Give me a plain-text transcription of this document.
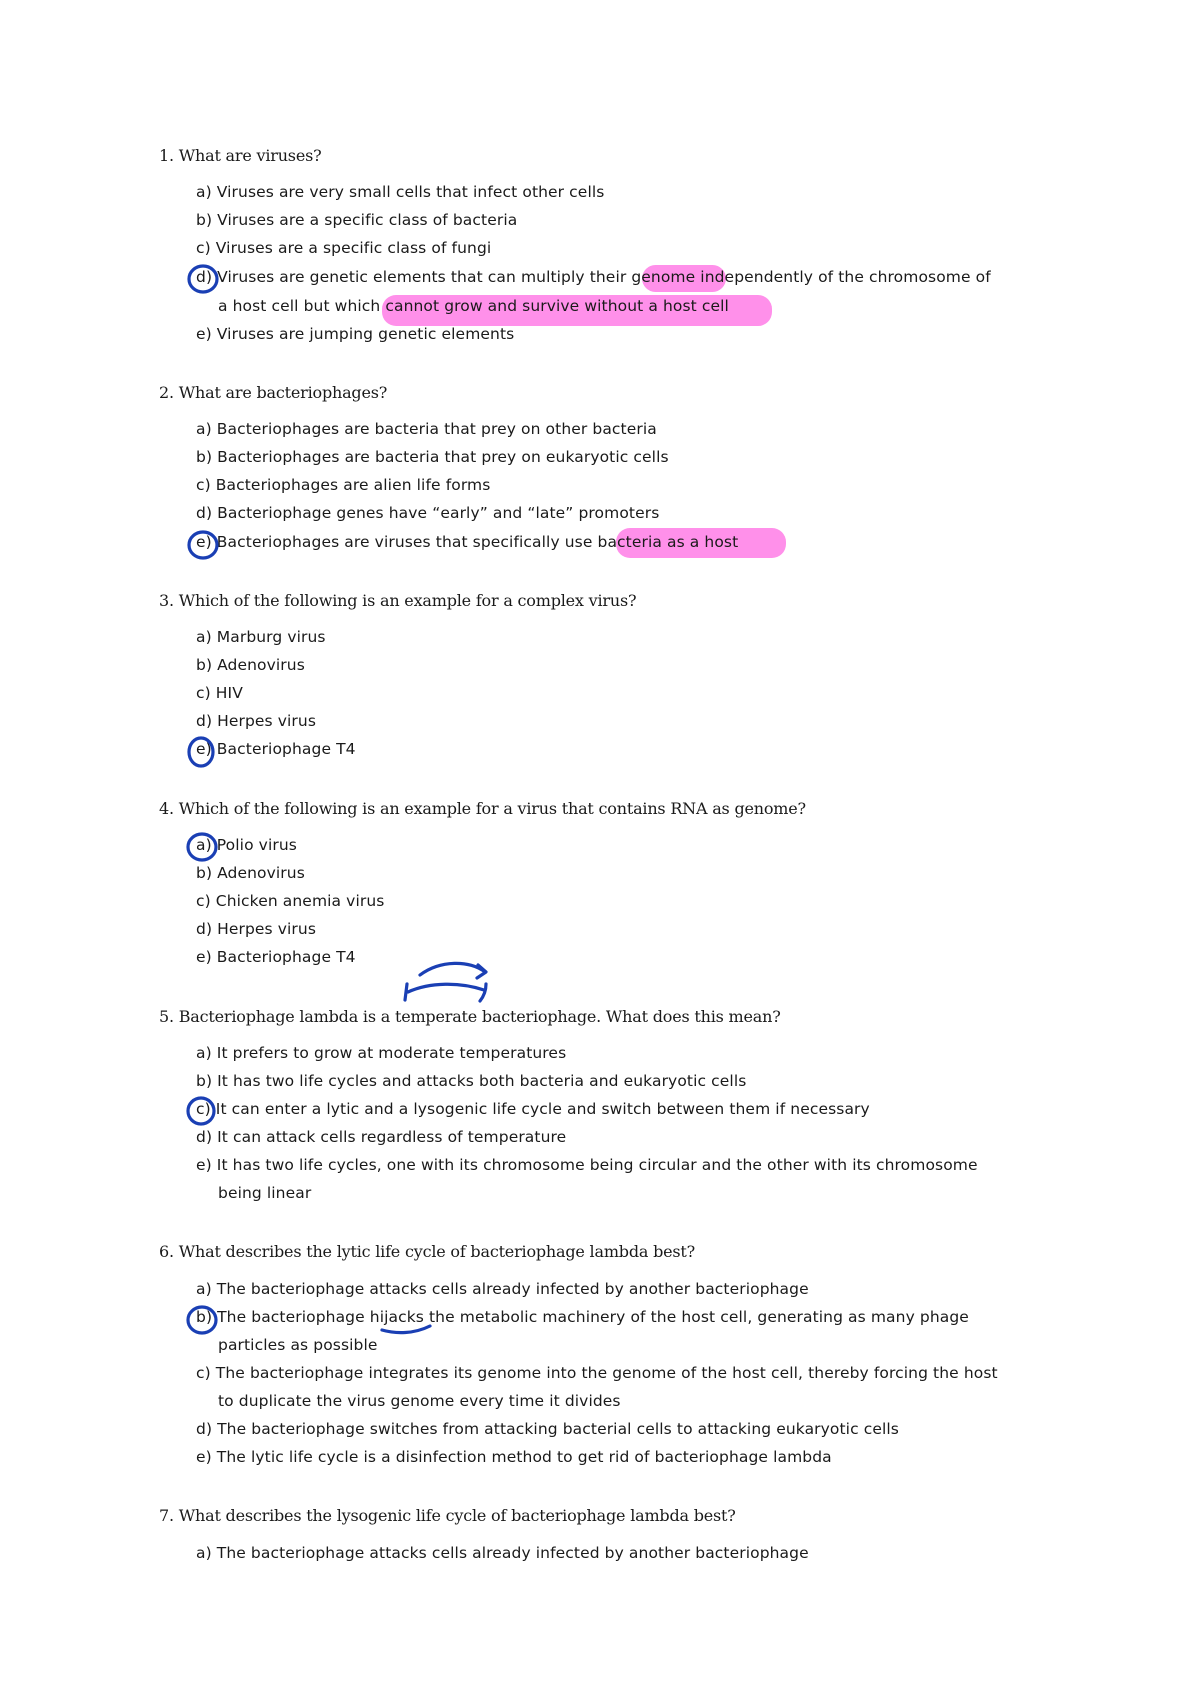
1. What are viruses?
a) Viruses are very small cells that infect other cells
b) Viruses are a specific class of bacteria
c) Viruses are a specific class of fungi
d) Viruses are genetic elements that can multiply their genome independently of the chromosome of
a host cell but which cannot grow and survive without a host cell
e) Viruses are jumping genetic elements
2. What are bacteriophages?
a) Bacteriophages are bacteria that prey on other bacteria
b) Bacteriophages are bacteria that prey on eukaryotic cells
c) Bacteriophages are alien life forms
d) Bacteriophage genes have “early” and “late” promoters
e) Bacteriophages are viruses that specifically use bacteria as a host
3. Which of the following is an example for a complex virus?
a) Marburg virus
b) Adenovirus
c) HIV
d) Herpes virus
e) Bacteriophage T4
4. Which of the following is an example for a virus that contains RNA as genome?
a) Polio virus
b) Adenovirus
c) Chicken anemia virus
d) Herpes virus
e) Bacteriophage T4
5. Bacteriophage lambda is a temperate bacteriophage. What does this mean?
a) It prefers to grow at moderate temperatures
b) It has two life cycles and attacks both bacteria and eukaryotic cells
c) It can enter a lytic and a lysogenic life cycle and switch between them if necessary
d) It can attack cells regardless of temperature
e) It has two life cycles, one with its chromosome being circular and the other with its chromosome
being linear
6. What describes the lytic life cycle of bacteriophage lambda best?
a) The bacteriophage attacks cells already infected by another bacteriophage
b) The bacteriophage hijacks the metabolic machinery of the host cell, generating as many phage
particles as possible
c) The bacteriophage integrates its genome into the genome of the host cell, thereby forcing the host
to duplicate the virus genome every time it divides
d) The bacteriophage switches from attacking bacterial cells to attacking eukaryotic cells
e) The lytic life cycle is a disinfection method to get rid of bacteriophage lambda
7. What describes the lysogenic life cycle of bacteriophage lambda best?
a) The bacteriophage attacks cells already infected by another bacteriophage
